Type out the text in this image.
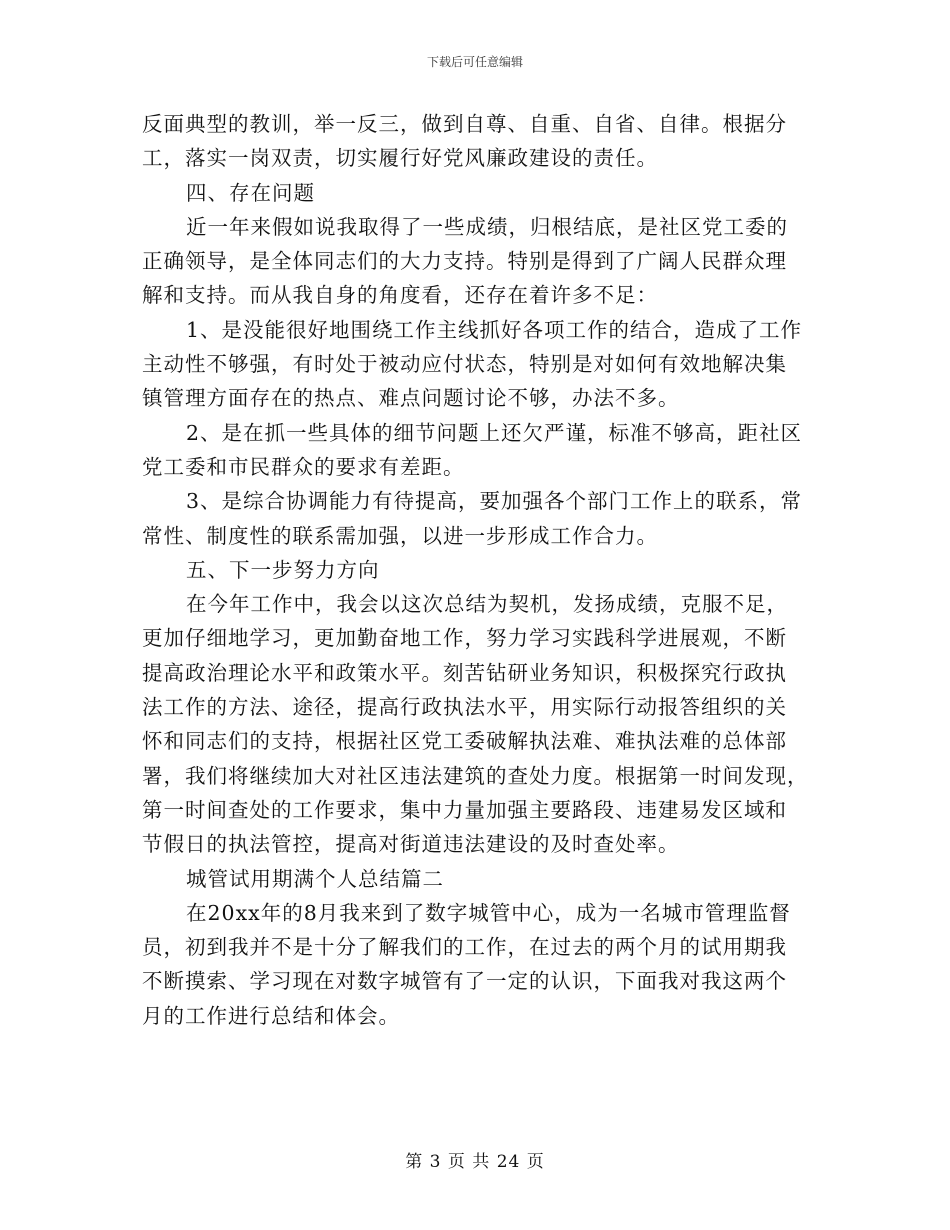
下载后可任意编辑

反面典型的教训，举一反三，做到自尊、自重、自省、自律。根据分

工，落实一岗双责，切实履行好党风廉政建设的责任。

四、存在问题

近一年来假如说我取得了一些成绩，归根结底，是社区党工委的

正确领导，是全体同志们的大力支持。特别是得到了广阔人民群众理

解和支持。而从我自身的角度看，还存在着许多不足：

1、是没能很好地围绕工作主线抓好各项工作的结合，造成了工作

主动性不够强，有时处于被动应付状态，特别是对如何有效地解决集

镇管理方面存在的热点、难点问题讨论不够，办法不多。

2、是在抓一些具体的细节问题上还欠严谨，标准不够高，距社区

党工委和市民群众的要求有差距。

3、是综合协调能力有待提高，要加强各个部门工作上的联系，常

常性、制度性的联系需加强，以进一步形成工作合力。

五、下一步努力方向

在今年工作中，我会以这次总结为契机，发扬成绩，克服不足，

更加仔细地学习，更加勤奋地工作，努力学习实践科学进展观，不断

提高政治理论水平和政策水平。刻苦钻研业务知识，积极探究行政执

法工作的方法、途径，提高行政执法水平，用实际行动报答组织的关

怀和同志们的支持，根据社区党工委破解执法难、难执法难的总体部

署，我们将继续加大对社区违法建筑的查处力度。根据第一时间发现，

第一时间查处的工作要求，集中力量加强主要路段、违建易发区域和

节假日的执法管控，提高对街道违法建设的及时查处率。

城管试用期满个人总结篇二

在20xx年的8月我来到了数字城管中心，成为一名城市管理监督

员，初到我并不是十分了解我们的工作，在过去的两个月的试用期我

不断摸索、学习现在对数字城管有了一定的认识，下面我对我这两个

月的工作进行总结和体会。

第 3 页 共 24 页
